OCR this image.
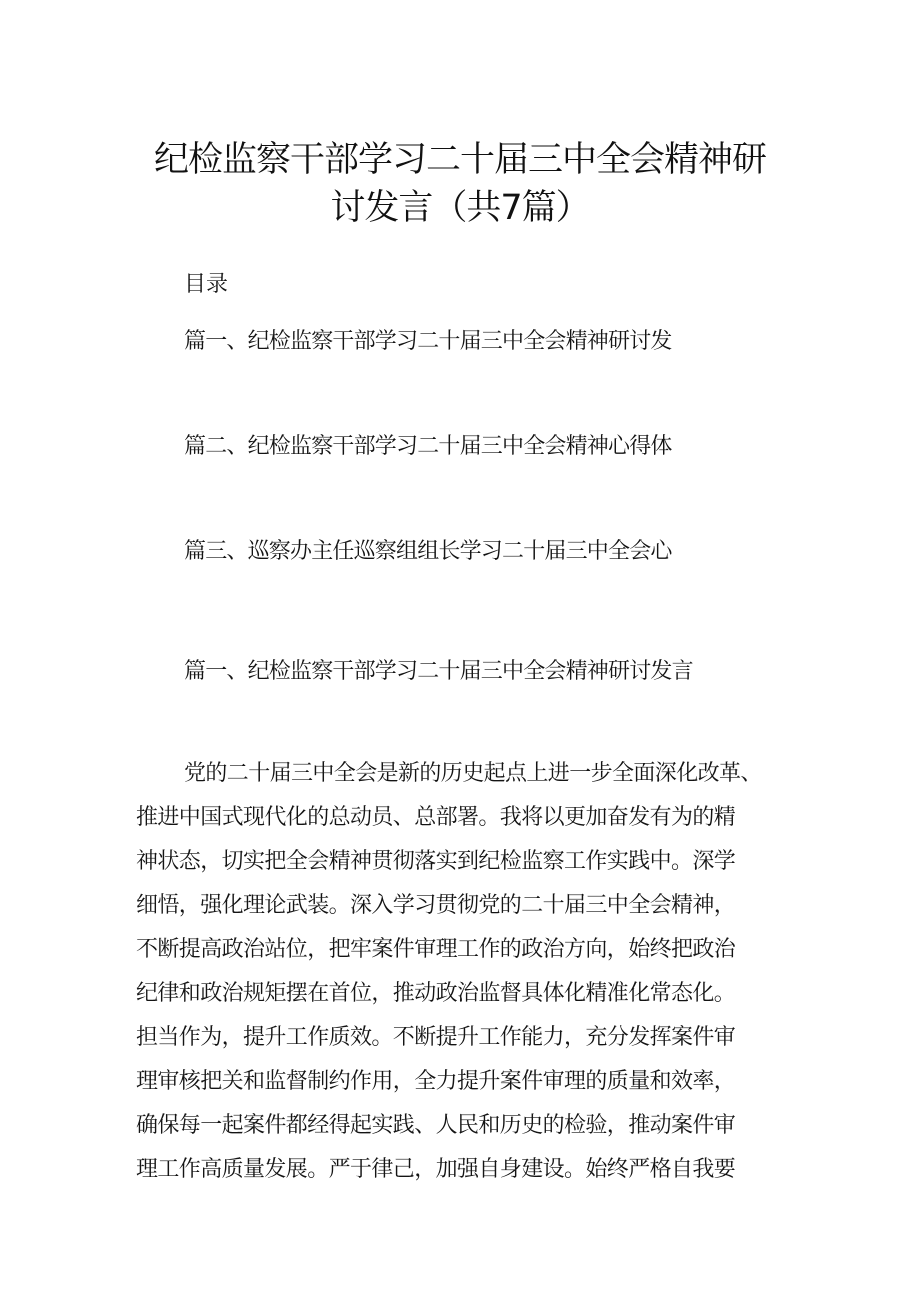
纪检监察干部学习二十届三中全会精神研
讨发言（共7篇）
目录
篇一、纪检监察干部学习二十届三中全会精神研讨发
篇二、纪检监察干部学习二十届三中全会精神心得体
篇三、巡察办主任巡察组组长学习二十届三中全会心
篇一、纪检监察干部学习二十届三中全会精神研讨发言
党的二十届三中全会是新的历史起点上进一步全面深化改革、
推进中国式现代化的总动员、总部署。我将以更加奋发有为的精
神状态，切实把全会精神贯彻落实到纪检监察工作实践中。深学
细悟，强化理论武装。深入学习贯彻党的二十届三中全会精神，
不断提高政治站位，把牢案件审理工作的政治方向，始终把政治
纪律和政治规矩摆在首位，推动政治监督具体化精准化常态化。
担当作为，提升工作质效。不断提升工作能力，充分发挥案件审
理审核把关和监督制约作用，全力提升案件审理的质量和效率，
确保每一起案件都经得起实践、人民和历史的检验，推动案件审
理工作高质量发展。严于律己，加强自身建设。始终严格自我要
